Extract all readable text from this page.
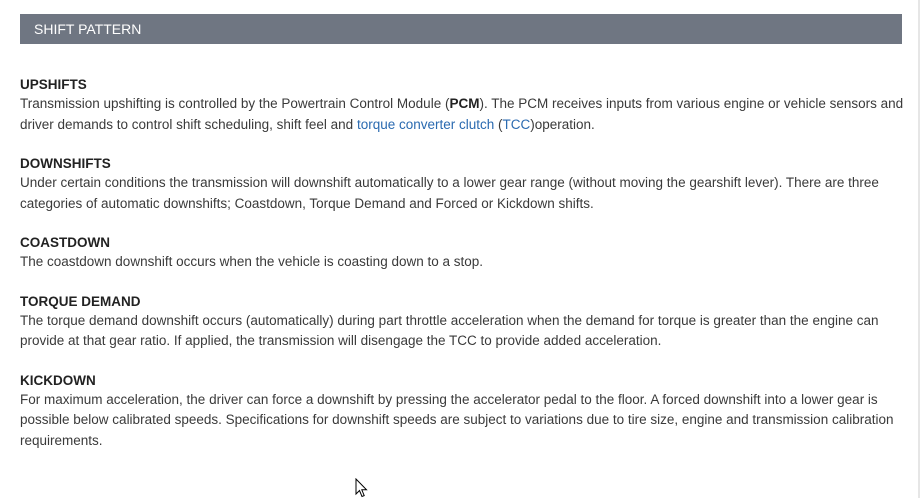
SHIFT PATTERN
UPSHIFTS

Transmission upshifting is controlled by the Powertrain Control Module (PCM). The PCM receives inputs from various engine or vehicle sensors and driver demands to control shift scheduling, shift feel and torque converter clutch (TCC)operation.

DOWNSHIFTS

Under certain conditions the transmission will downshift automatically to a lower gear range (without moving the gearshift lever). There are three categories of automatic downshifts; Coastdown, Torque Demand and Forced or Kickdown shifts.

COASTDOWN

The coastdown downshift occurs when the vehicle is coasting down to a stop.

TORQUE DEMAND

The torque demand downshift occurs (automatically) during part throttle acceleration when the demand for torque is greater than the engine can provide at that gear ratio. If applied, the transmission will disengage the TCC to provide added acceleration.

KICKDOWN

For maximum acceleration, the driver can force a downshift by pressing the accelerator pedal to the floor. A forced downshift into a lower gear is possible below calibrated speeds. Specifications for downshift speeds are subject to variations due to tire size, engine and transmission calibration requirements.
